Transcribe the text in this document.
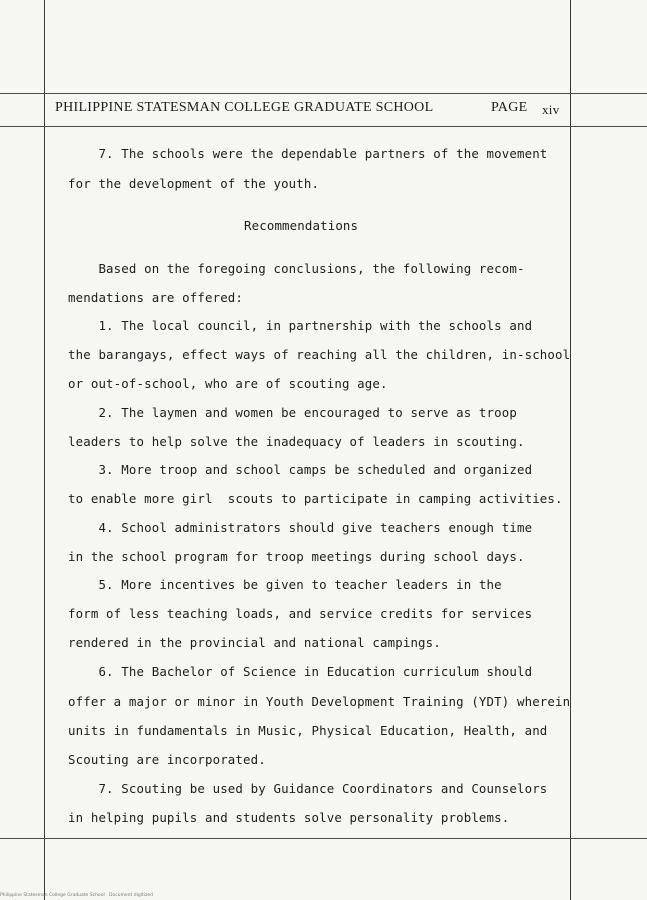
PHILIPPINE STATESMAN COLLEGE GRADUATE SCHOOL	PAGE xiv
7. The schools were the dependable partners of the movement
for the development of the youth.
Recommendations
Based on the foregoing conclusions, the following recom-
mendations are offered:
1. The local council, in partnership with the schools and
the barangays, effect ways of reaching all the children, in-school
or out-of-school, who are of scouting age.
2. The laymen and women be encouraged to serve as troop
leaders to help solve the inadequacy of leaders in scouting.
3. More troop and school camps be scheduled and organized
to enable more girl  scouts to participate in camping activities.
4. School administrators should give teachers enough time
in the school program for troop meetings during school days.
5. More incentives be given to teacher leaders in the
form of less teaching loads, and service credits for services
rendered in the provincial and national campings.
6. The Bachelor of Science in Education curriculum should
offer a major or minor in Youth Development Training (YDT) wherein
units in fundamentals in Music, Physical Education, Health, and
Scouting are incorporated.
7. Scouting be used by Guidance Coordinators and Counselors
in helping pupils and students solve personality problems.
Philippine Statesman College Graduate School   Document digitized
